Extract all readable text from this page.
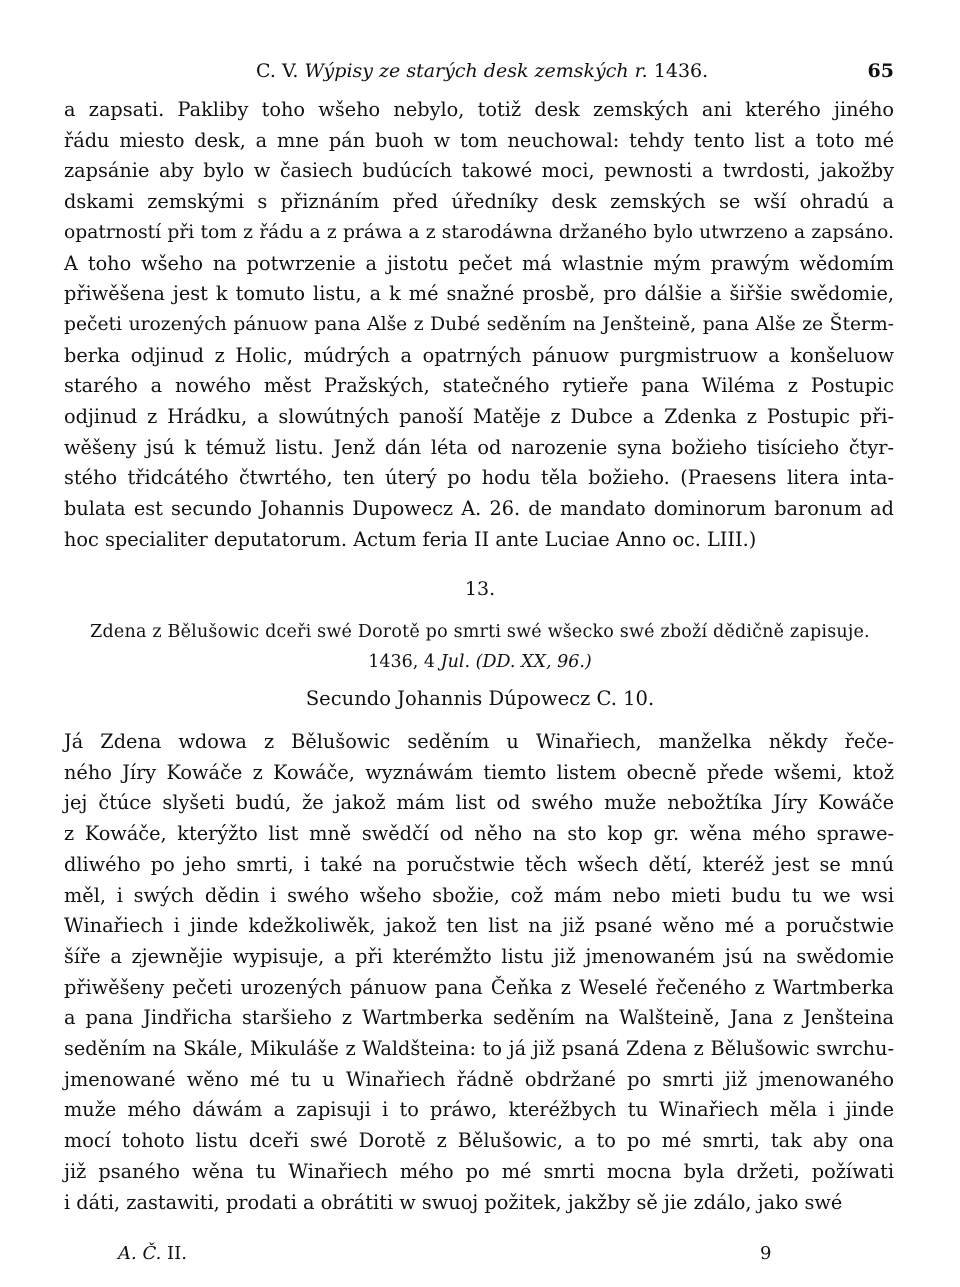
C. V. Wýpisy ze starých desk zemských r. 1436.	65
a zapsati. Pakliby toho wšeho nebylo, totiž desk zemských ani kterého jiného
řádu miesto desk, a mne pán buoh w tom neuchowal: tehdy tento list a toto mé
zapsánie aby bylo w časiech budúcích takowé moci, pewnosti a twrdosti, jakožby
dskami zemskými s přiznáním před úředníky desk zemských se wší ohradú a
opatrností při tom z řádu a z práwa a z starodáwna držaného bylo utwrzeno a zapsáno.
A toho wšeho na potwrzenie a jistotu pečet má wlastnie mým prawým wědomím
přiwěšena jest k tomuto listu, a k mé snažné prosbě, pro dálšie a šiřšie swědomie,
pečeti urozených pánuow pana Alše z Dubé seděním na Jenšteině, pana Alše ze Šterm-
berka odjinud z Holic, múdrých a opatrných pánuow purgmistruow a konšeluow
starého a nowého měst Pražských, statečného rytieře pana Wiléma z Postupic
odjinud z Hrádku, a slowútných panoší Matěje z Dubce a Zdenka z Postupic při-
wěšeny jsú k témuž listu. Jenž dán léta od narozenie syna božieho tisícieho čtyr-
stého třidcátého čtwrtého, ten úterý po hodu těla božieho. (Praesens litera inta-
bulata est secundo Johannis Dupowecz A. 26. de mandato dominorum baronum ad
hoc specialiter deputatorum. Actum feria II ante Luciae Anno oc. LIII.)
13.
Zdena z Bělušowic dceři swé Dorotě po smrti swé wšecko swé zboží dědičně zapisuje.
1436, 4 Jul. (DD. XX, 96.)
Secundo Johannis Dúpowecz C. 10.
Já Zdena wdowa z Bělušowic seděním u Winařiech, manželka někdy řeče-
ného Jíry Kowáče z Kowáče, wyznáwám tiemto listem obecně přede wšemi, ktož
jej čtúce slyšeti budú, že jakož mám list od swého muže nebožtíka Jíry Kowáče
z Kowáče, kterýžto list mně swědčí od něho na sto kop gr. wěna mého sprawe-
dliwého po jeho smrti, i také na poručstwie těch wšech dětí, kteréž jest se mnú
měl, i swých dědin i swého wšeho sbožie, což mám nebo mieti budu tu we wsi
Winařiech i jinde kdežkoliwěk, jakož ten list na již psané wěno mé a poručstwie
šíře a zjewnějie wypisuje, a při kterémžto listu již jmenowaném jsú na swědomie
přiwěšeny pečeti urozených pánuow pana Čeňka z Weselé řečeného z Wartmberka
a pana Jindřicha staršieho z Wartmberka seděním na Walšteině, Jana z Jenšteina
seděním na Skále, Mikuláše z Waldšteina: to já již psaná Zdena z Bělušowic swrchu-
jmenowané wěno mé tu u Winařiech řádně obdržané po smrti již jmenowaného
muže mého dáwám a zapisuji i to práwo, kteréžbych tu Winařiech měla i jinde
mocí tohoto listu dceři swé Dorotě z Bělušowic, a to po mé smrti, tak aby ona
již psaného wěna tu Winařiech mého po mé smrti mocna byla držeti, požíwati
i dáti, zastawiti, prodati a obrátiti w swuoj požitek, jakžby sě jie zdálo, jako swé
A. Č. II.	9
